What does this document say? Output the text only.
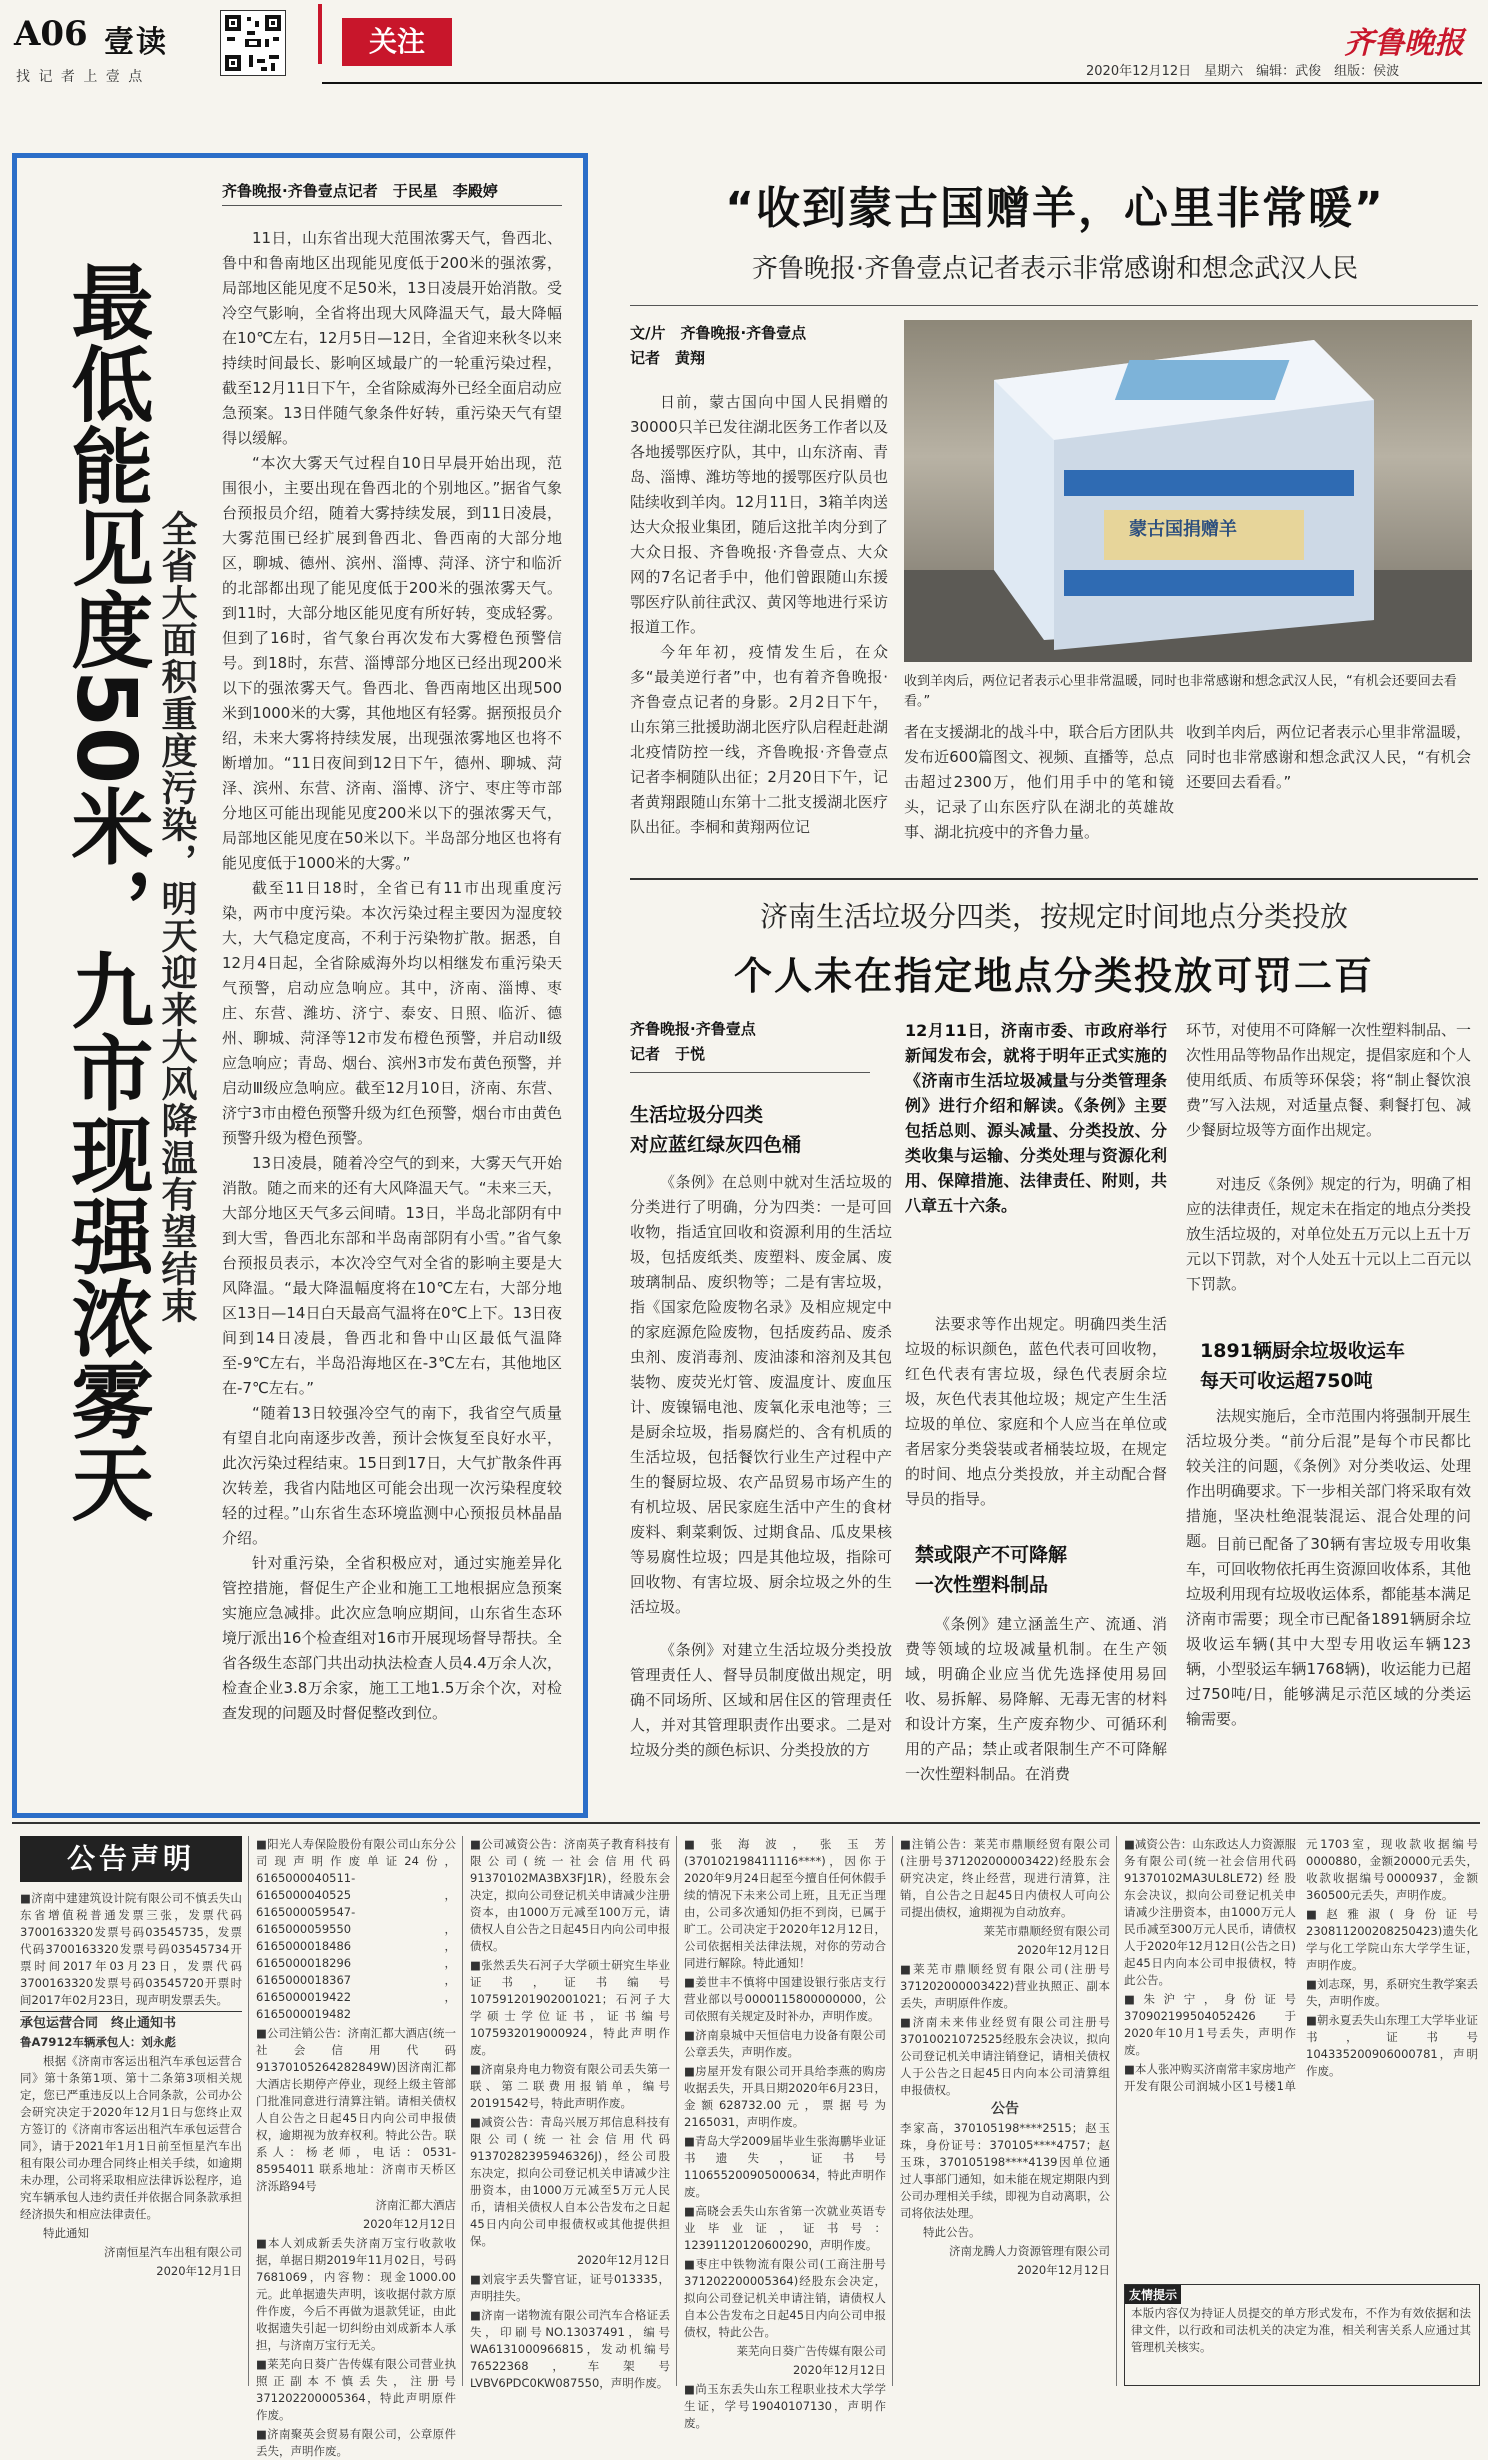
A06 壹读
找 记 者 上 壹 点
关注	齐鲁晚报
2020年12月12日　星期六　编辑：武俊　组版：侯波
齐鲁晚报·齐鲁壹点记者　于民星　李殿婷
最低能见度50米，九市现强浓雾天 全省大面积重度污染，明天迎来大风降温有望结束

11日，山东省出现大范围浓雾天气，鲁西北、鲁中和鲁南地区出现能见度低于200米的强浓雾，局部地区能见度不足50米，13日凌晨开始消散。受冷空气影响，全省将出现大风降温天气，最大降幅在10℃左右，12月5日—12日，全省迎来秋冬以来持续时间最长、影响区域最广的一轮重污染过程，截至12月11日下午，全省除威海外已经全面启动应急预案。13日伴随气象条件好转，重污染天气有望得以缓解。

“本次大雾天气过程自10日早晨开始出现，范围很小，主要出现在鲁西北的个别地区。”据省气象台预报员介绍，随着大雾持续发展，到11日凌晨，大雾范围已经扩展到鲁西北、鲁西南的大部分地区，聊城、德州、滨州、淄博、菏泽、济宁和临沂的北部都出现了能见度低于200米的强浓雾天气。到11时，大部分地区能见度有所好转，变成轻雾。但到了16时，省气象台再次发布大雾橙色预警信号。到18时，东营、淄博部分地区已经出现200米以下的强浓雾天气。鲁西北、鲁西南地区出现500米到1000米的大雾，其他地区有轻雾。据预报员介绍，未来大雾将持续发展，出现强浓雾地区也将不断增加。“11日夜间到12日下午，德州、聊城、菏泽、滨州、东营、济南、淄博、济宁、枣庄等市部分地区可能出现能见度200米以下的强浓雾天气，局部地区能见度在50米以下。半岛部分地区也将有能见度低于1000米的大雾。”

截至11日18时，全省已有11市出现重度污染，两市中度污染。本次污染过程主要因为湿度较大，大气稳定度高，不利于污染物扩散。据悉，自12月4日起，全省除威海外均以相继发布重污染天气预警，启动应急响应。其中，济南、淄博、枣庄、东营、潍坊、济宁、泰安、日照、临沂、德州、聊城、菏泽等12市发布橙色预警，并启动Ⅱ级应急响应；青岛、烟台、滨州3市发布黄色预警，并启动Ⅲ级应急响应。截至12月10日，济南、东营、济宁3市由橙色预警升级为红色预警，烟台市由黄色预警升级为橙色预警。

13日凌晨，随着冷空气的到来，大雾天气开始消散。随之而来的还有大风降温天气。“未来三天，大部分地区天气多云间晴。13日，半岛北部阴有中到大雪，鲁西北东部和半岛南部阴有小雪。”省气象台预报员表示，本次冷空气对全省的影响主要是大风降温。“最大降温幅度将在10℃左右，大部分地区13日—14日白天最高气温将在0℃上下。13日夜间到14日凌晨，鲁西北和鲁中山区最低气温降至-9℃左右，半岛沿海地区在-3℃左右，其他地区在-7℃左右。”

“随着13日较强冷空气的南下，我省空气质量有望自北向南逐步改善，预计会恢复至良好水平，此次污染过程结束。15日到17日，大气扩散条件再次转差，我省内陆地区可能会出现一次污染程度较轻的过程。”山东省生态环境监测中心预报员林晶晶介绍。

针对重污染，全省积极应对，通过实施差异化管控措施，督促生产企业和施工工地根据应急预案实施应急减排。此次应急响应期间，山东省生态环境厅派出16个检查组对16市开展现场督导帮扶。全省各级生态部门共出动执法检查人员4.4万余人次，检查企业3.8万余家，施工工地1.5万余个次，对检查发现的问题及时督促整改到位。

“收到蒙古国赠羊，心里非常暖”
齐鲁晚报·齐鲁壹点记者表示非常感谢和想念武汉人民
文/片　齐鲁晚报·齐鲁壹点
记者　黄翔

日前，蒙古国向中国人民捐赠的30000只羊已发往湖北医务工作者以及各地援鄂医疗队，其中，山东济南、青岛、淄博、潍坊等地的援鄂医疗队员也陆续收到羊肉。12月11日，3箱羊肉送达大众报业集团，随后这批羊肉分到了大众日报、齐鲁晚报·齐鲁壹点、大众网的7名记者手中，他们曾跟随山东援鄂医疗队前往武汉、黄冈等地进行采访报道工作。

今年年初，疫情发生后，在众多“最美逆行者”中，也有着齐鲁晚报·齐鲁壹点记者的身影。2月2日下午，山东第三批援助湖北医疗队启程赶赴湖北疫情防控一线，齐鲁晚报·齐鲁壹点记者李桐随队出征；2月20日下午，记者黄翔跟随山东第十二批支援湖北医疗队出征。李桐和黄翔两位记

蒙古国捐赠羊
收到羊肉后，两位记者表示心里非常温暖，同时也非常感谢和想念武汉人民，“有机会还要回去看看。”
者在支援湖北的战斗中，联合后方团队共发布近600篇图文、视频、直播等，总点击超过2300万，他们用手中的笔和镜头，记录了山东医疗队在湖北的英雄故事、湖北抗疫中的齐鲁力量。
收到羊肉后，两位记者表示心里非常温暖，同时也非常感谢和想念武汉人民，“有机会还要回去看看。”
济南生活垃圾分四类，按规定时间地点分类投放
个人未在指定地点分类投放可罚二百
齐鲁晚报·齐鲁壹点
记者　于悦
12月11日，济南市委、市政府举行新闻发布会，就将于明年正式实施的《济南市生活垃圾减量与分类管理条例》进行介绍和解读。《条例》主要包括总则、源头减量、分类投放、分类收集与运输、分类处理与资源化利用、保障措施、法律责任、附则，共八章五十六条。
生活垃圾分四类
对应蓝红绿灰四色桶
《条例》在总则中就对生活垃圾的分类进行了明确，分为四类：一是可回收物，指适宜回收和资源利用的生活垃圾，包括废纸类、废塑料、废金属、废玻璃制品、废织物等；二是有害垃圾，指《国家危险废物名录》及相应规定中的家庭源危险废物，包括废药品、废杀虫剂、废消毒剂、废油漆和溶剂及其包装物、废荧光灯管、废温度计、废血压计、废镍镉电池、废氧化汞电池等；三是厨余垃圾，指易腐烂的、含有机质的生活垃圾，包括餐饮行业生产过程中产生的餐厨垃圾、农产品贸易市场产生的有机垃圾、居民家庭生活中产生的食材废料、剩菜剩饭、过期食品、瓜皮果核等易腐性垃圾；四是其他垃圾，指除可回收物、有害垃圾、厨余垃圾之外的生活垃圾。
《条例》对建立生活垃圾分类投放管理责任人、督导员制度做出规定，明确不同场所、区域和居住区的管理责任人，并对其管理职责作出要求。二是对垃圾分类的颜色标识、分类投放的方
法要求等作出规定。明确四类生活垃圾的标识颜色，蓝色代表可回收物，红色代表有害垃圾，绿色代表厨余垃圾，灰色代表其他垃圾；规定产生生活垃圾的单位、家庭和个人应当在单位或者居家分类袋装或者桶装垃圾，在规定的时间、地点分类投放，并主动配合督导员的指导。
禁或限产不可降解
一次性塑料制品
《条例》建立涵盖生产、流通、消费等领域的垃圾减量机制。在生产领域，明确企业应当优先选择使用易回收、易拆解、易降解、无毒无害的材料和设计方案，生产废弃物少、可循环利用的产品；禁止或者限制生产不可降解一次性塑料制品。在消费
环节，对使用不可降解一次性塑料制品、一次性用品等物品作出规定，提倡家庭和个人使用纸质、布质等环保袋；将“制止餐饮浪费”写入法规，对适量点餐、剩餐打包、减少餐厨垃圾等方面作出规定。
对违反《条例》规定的行为，明确了相应的法律责任，规定未在指定的地点分类投放生活垃圾的，对单位处五万元以上五十万元以下罚款，对个人处五十元以上二百元以下罚款。
1891辆厨余垃圾收运车
每天可收运超750吨
法规实施后，全市范围内将强制开展生活垃圾分类。“前分后混”是每个市民都比较关注的问题，《条例》对分类收运、处理作出明确要求。下一步相关部门将采取有效措施，坚决杜绝混装混运、混合处理的问题。 目前已配备了30辆有害垃圾专用收集车，可回收物依托再生资源回收体系，其他垃圾利用现有垃圾收运体系，都能基本满足济南市需要；现全市已配备1891辆厨余垃圾收运车辆(其中大型专用收运车辆123辆，小型驳运车辆1768辆)，收运能力已超过750吨/日，能够满足示范区域的分类运输需要。
公告声明

■济南中建建筑设计院有限公司不慎丢失山东省增值税普通发票三张，发票代码3700163320发票号码03545735，发票代码3700163320发票号码03545734开票时间2017年03月23日，发票代码3700163320发票号码03545720开票时间2017年02月23日，现声明发票丢失。

承包运营合同　终止通知书

鲁A7912车辆承包人：刘永彪

根据《济南市客运出租汽车承包运营合同》第十条第1项、第十二条第3项相关规定，您已严重违反以上合同条款，公司办公会研究决定于2020年12月1日与您终止双方签订的《济南市客运出租汽车承包运营合同》，请于2021年1月1日前至恒星汽车出租有限公司办理合同终止相关手续，如逾期未办理，公司将采取相应法律诉讼程序，追究车辆承包人违约责任并依据合同条款承担经济损失和相应法律责任。

特此通知

济南恒星汽车出租有限公司

2020年12月1日

■阳光人寿保险股份有限公司山东分公司现声明作废单证24份，6165000040511-6165000040525，6165000059547-6165000059550，6165000018486，6165000018296，6165000018367，6165000019422，6165000019482

■公司注销公告：济南汇都大酒店(统一社会信用代码91370105264282849W)因济南汇都大酒店长期停产停业，现经上级主管部门批准同意进行清算注销。请相关债权人自公告之日起45日内向公司申报债权，逾期视为放弃权利。特此公告。联系人：杨老师，电话：0531-85954011 联系地址：济南市天桥区济泺路94号

济南汇都大酒店

2020年12月12日

■本人刘成新丢失济南万宝行收款收据，单据日期2019年11月02日，号码7681069，内容物：现金1000.00元。此单据遗失声明，该收据付款方原件作废，今后不再做为退款凭证，由此收据遗失引起一切纠纷由刘成新本人承担，与济南万宝行无关。

■莱芜向日葵广告传媒有限公司营业执照正副本不慎丢失，注册号371202200005364，特此声明原件作废。

■济南聚英会贸易有限公司，公章原件丢失，声明作废。

■公司减资公告：济南英子教育科技有限公司(统一社会信用代码91370102MA3BX3FJ1R)，经股东会决定，拟向公司登记机关申请减少注册资本，由1000万元减至100万元，请债权人自公告之日起45日内向公司申报债权。

■张然丢失石河子大学硕士研究生毕业证书，证书编号107591201902001021；石河子大学硕士学位证书，证书编号1075932019000924，特此声明作废。

■济南泉舟电力物资有限公司丢失第一联、第二联费用报销单，编号20191542号，特此声明作废。

■减资公告：青岛兴展万邦信息科技有限公司(统一社会信用代码91370282395946326J)，经公司股东决定，拟向公司登记机关申请减少注册资本，由1000万元减至5万元人民币，请相关债权人自本公告发布之日起45日内向公司申报债权或其他提供担保。

2020年12月12日

■刘宸宇丢失警官证，证号013335，声明挂失。

■济南一诺物流有限公司汽车合格证丢失，印刷号NO.13037491，编号WA6131000966815，发动机编号76522368，车架号LVBV6PDC0KW087550，声明作废。

■张海波，张玉芳(370102198411116****)，因你于2020年9月24日起至今擅自任何休假手续的情况下未来公司上班，且无正当理由，公司多次通知仍拒不到岗，已属于旷工。公司决定于2020年12月12日，公司依据相关法律法规，对你的劳动合同进行解除。特此通知！

■姜世丰不慎将中国建设银行张店支行营业部以号0000115800000000，公司依照有关规定及时补办，声明作废。

■济南泉城中天恒信电力设备有限公司公章丢失，声明作废。

■房屋开发有限公司开具给李燕的购房收据丢失，开具日期2020年6月23日，金额628732.00元，票据号为2165031，声明作废。

■青岛大学2009届毕业生张海鹏毕业证书遗失，证书号110655200905000634，特此声明作废。

■高晓会丢失山东省第一次就业英语专业毕业证，证书号：12391120120600290，声明作废。

■枣庄中铁物流有限公司(工商注册号371202200005364)经股东会决定，拟向公司登记机关申请注销，请债权人自本公告发布之日起45日内向公司申报债权，特此公告。

莱芜向日葵广告传媒有限公司

2020年12月12日

■尚玉东丢失山东工程职业技术大学学生证，学号19040107130，声明作废。

■注销公告：莱芜市鼎顺经贸有限公司(注册号371202000003422)经股东会研究决定，终止经营，现进行清算，注销，自公告之日起45日内债权人可向公司提出债权，逾期视为自动放弃。

莱芜市鼎顺经贸有限公司

2020年12月12日

■莱芜市鼎顺经贸有限公司(注册号371202000003422)营业执照正、副本丢失，声明原件作废。

■济南未来伟业经贸有限公司注册号37010021072525经股东会决议，拟向公司登记机关申请注销登记，请相关债权人于公告之日起45日内向本公司清算组申报债权。

公告

李家高，370105198****2515；赵玉珠，身份证号：370105****4757；赵玉珠，370105198****4139因单位通过人事部门通知，如未能在规定期限内到公司办理相关手续，即视为自动离职，公司将依法处理。

特此公告。

济南龙腾人力资源管理有限公司

2020年12月12日

■减资公告：山东政达人力资源服务有限公司(统一社会信用代码91370102MA3UL8LE72)经股东会决议，拟向公司登记机关申请减少注册资本，由1000万元人民币减至300万元人民币，请债权人于2020年12月12日(公告之日)起45日内向本公司申报债权，特此公告。

■朱沪宁，身份证号370902199504052426于2020年10月1号丢失，声明作废。

■本人张冲购买济南常丰家房地产开发有限公司润城小区1号楼1单元1703室，现收款收据编号0000880，金额20000元丢失，收款收据编号0000937，金额360500元丢失，声明作废。

■赵雅淑(身份证号230811200208250423)遗失化学与化工学院山东大学学生证，声明作废。

■刘志琛，男，系研究生教学案丢失，声明作废。

■朝永夏丢失山东理工大学毕业证书，证书号104335200906000781，声明作废。

友情提示
本版内容仅为持证人员提交的单方形式发布，不作为有效依据和法律文件，以行政和司法机关的决定为准，相关利害关系人应通过其管理机关核实。
